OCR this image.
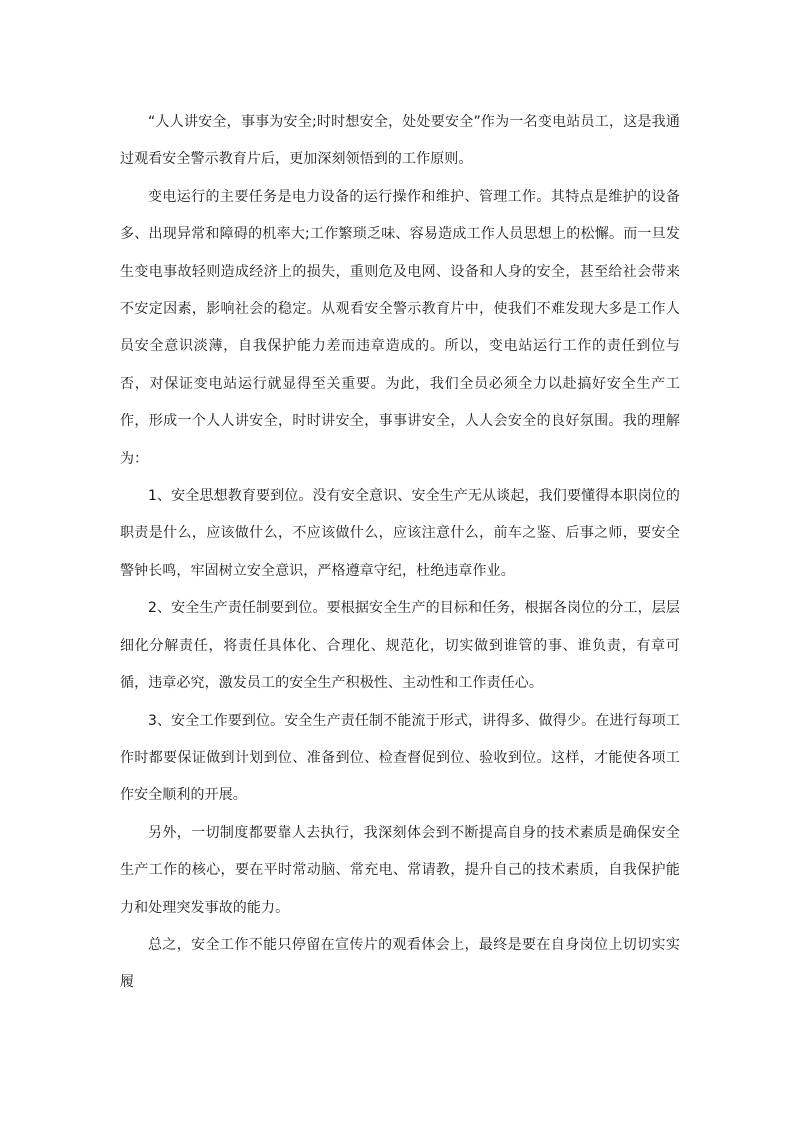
“人人讲安全，事事为安全;时时想安全，处处要安全”作为一名变电站员工，这是我通过观看安全警示教育片后，更加深刻领悟到的工作原则。

变电运行的主要任务是电力设备的运行操作和维护、管理工作。其特点是维护的设备多、出现异常和障碍的机率大;工作繁琐乏味、容易造成工作人员思想上的松懈。而一旦发生变电事故轻则造成经济上的损失，重则危及电网、设备和人身的安全，甚至给社会带来不安定因素，影响社会的稳定。从观看安全警示教育片中，使我们不难发现大多是工作人员安全意识淡薄，自我保护能力差而违章造成的。所以，变电站运行工作的责任到位与否，对保证变电站运行就显得至关重要。为此，我们全员必须全力以赴搞好安全生产工作，形成一个人人讲安全，时时讲安全，事事讲安全，人人会安全的良好氛围。我的理解为：

1、安全思想教育要到位。没有安全意识、安全生产无从谈起，我们要懂得本职岗位的职责是什么，应该做什么，不应该做什么，应该注意什么，前车之鉴、后事之师，要安全警钟长鸣，牢固树立安全意识，严格遵章守纪，杜绝违章作业。

2、安全生产责任制要到位。要根据安全生产的目标和任务，根据各岗位的分工，层层细化分解责任，将责任具体化、合理化、规范化，切实做到谁管的事、谁负责，有章可循，违章必究，激发员工的安全生产积极性、主动性和工作责任心。

3、安全工作要到位。安全生产责任制不能流于形式，讲得多、做得少。在进行每项工作时都要保证做到计划到位、准备到位、检查督促到位、验收到位。这样，才能使各项工作安全顺利的开展。

另外，一切制度都要靠人去执行，我深刻体会到不断提高自身的技术素质是确保安全生产工作的核心，要在平时常动脑、常充电、常请教，提升自己的技术素质，自我保护能力和处理突发事故的能力。

总之，安全工作不能只停留在宣传片的观看体会上，最终是要在自身岗位上切切实实履
